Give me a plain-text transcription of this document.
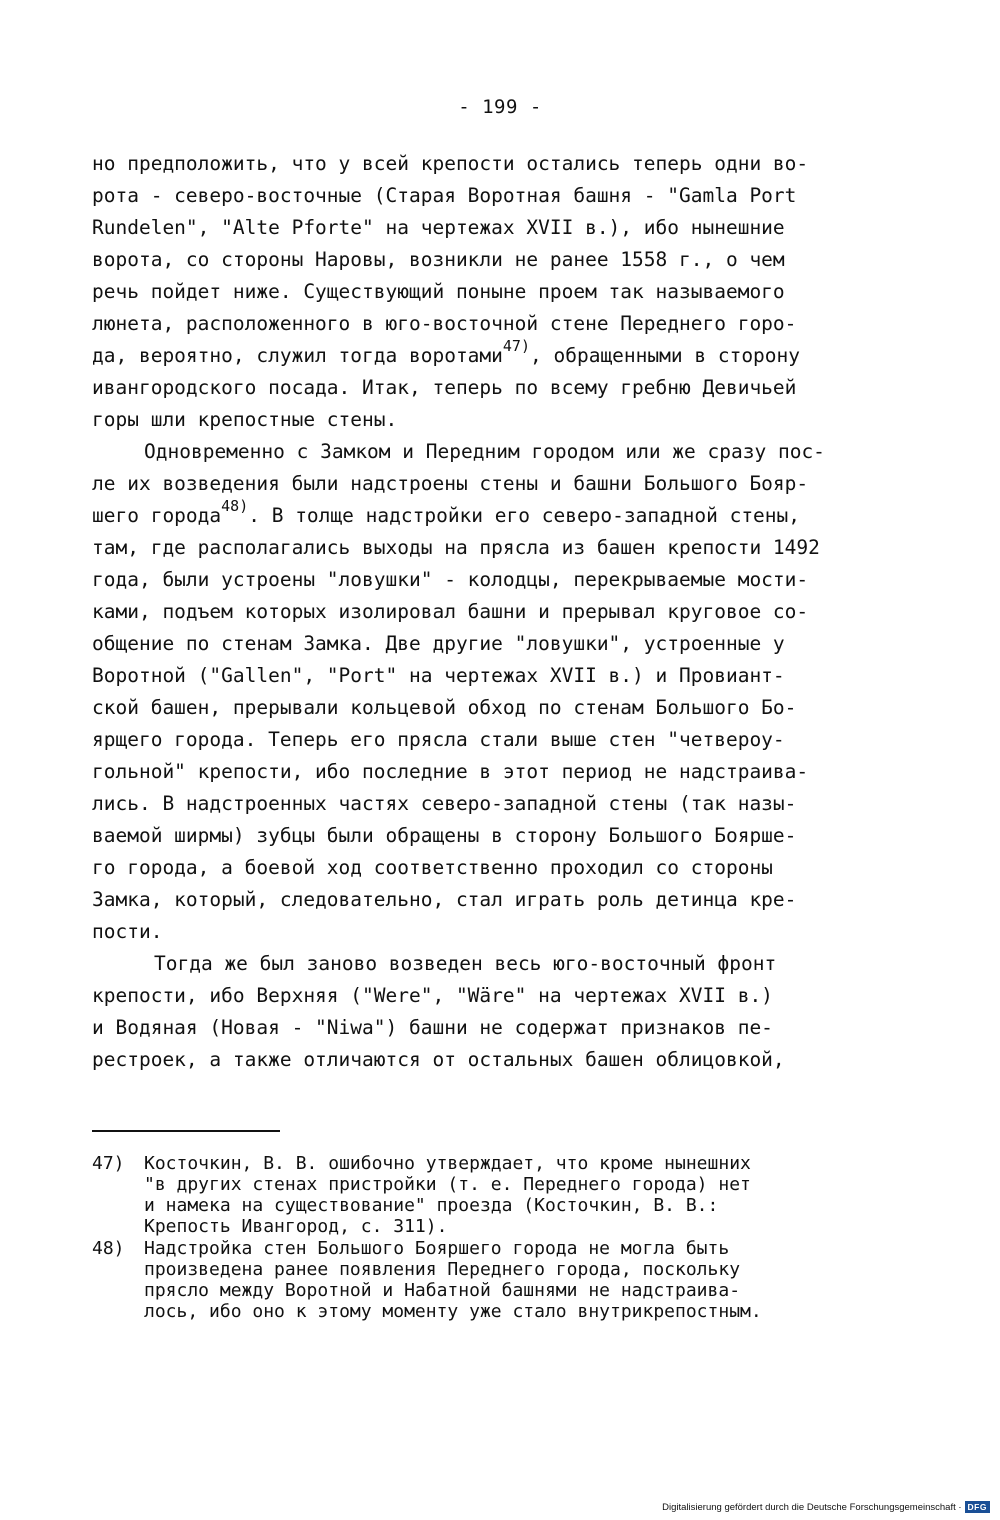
- 199 -
но предположить, что у всей крепости остались теперь одни во-
рота - северо-восточные (Старая Воротная башня - "Gamla Port
Rundelen", "Alte Pforte" на чертежах XVII в.), ибо нынешние
ворота, со стороны Наровы, возникли не ранее 1558 г., о чем
речь пойдет ниже. Существующий поныне проем так называемого
люнета, расположенного в юго-восточной стене Переднего горо-
да, вероятно, служил тогда воротами$^{47)}$, обращенными в сторону
ивангородского посада. Итак, теперь по всему гребню Девичьей
горы шли крепостные стены.
Одновременно с Замком и Передним городом или же сразу пос-
ле их возведения были надстроены стены и башни Большого Бояр-
шего города$^{48)}$. В толще надстройки его северо-западной стены,
там, где располагались выходы на прясла из башен крепости 1492
года, были устроены "ловушки" - колодцы, перекрываемые мости-
ками, подъем которых изолировал башни и прерывал круговое со-
общение по стенам Замка. Две другие "ловушки", устроенные у
Воротной ("Gallen", "Port" на чертежах XVII в.) и Провиант-
ской башен, прерывали кольцевой обход по стенам Большого Бо-
ярщего города. Теперь его прясла стали выше стен "четвероу-
гольной" крепости, ибо последние в этот период не надстраива-
лись. В надстроенных частях северо-западной стены (так назы-
ваемой ширмы) зубцы были обращены в сторону Большого Бояршe-
го города, а боевой ход соответственно проходил со стороны
Замка, который, следовательно, стал играть роль детинца кре-
пости.
Тогда же был заново возведен весь юго-восточный фронт
крепости, ибо Верхняя ("Were", "Wäre" на чертежах XVII в.)
и Водяная (Новая - "Niwa") башни не содержат признаков пе-
рестроек, а также отличаются от остальных башен облицовкой,
47) Косточкин, В. В. ошибочно утверждает, что кроме нынешних
"в других стенах пристройки (т. е. Переднего города) нет
и намека на существование" проезда (Косточкин, В. В.:
Крепость Ивангород, с. 311).
48) Надстройка стен Большого Бояршего города не могла быть
произведена ранее появления Переднего города, поскольку
прясло между Воротной и Набатной башнями не надстраива-
лось, ибо оно к этому моменту уже стало внутрикрепостным.
Digitalisierung gefördert durch die Deutsche Forschungsgemeinschaft · DFG
